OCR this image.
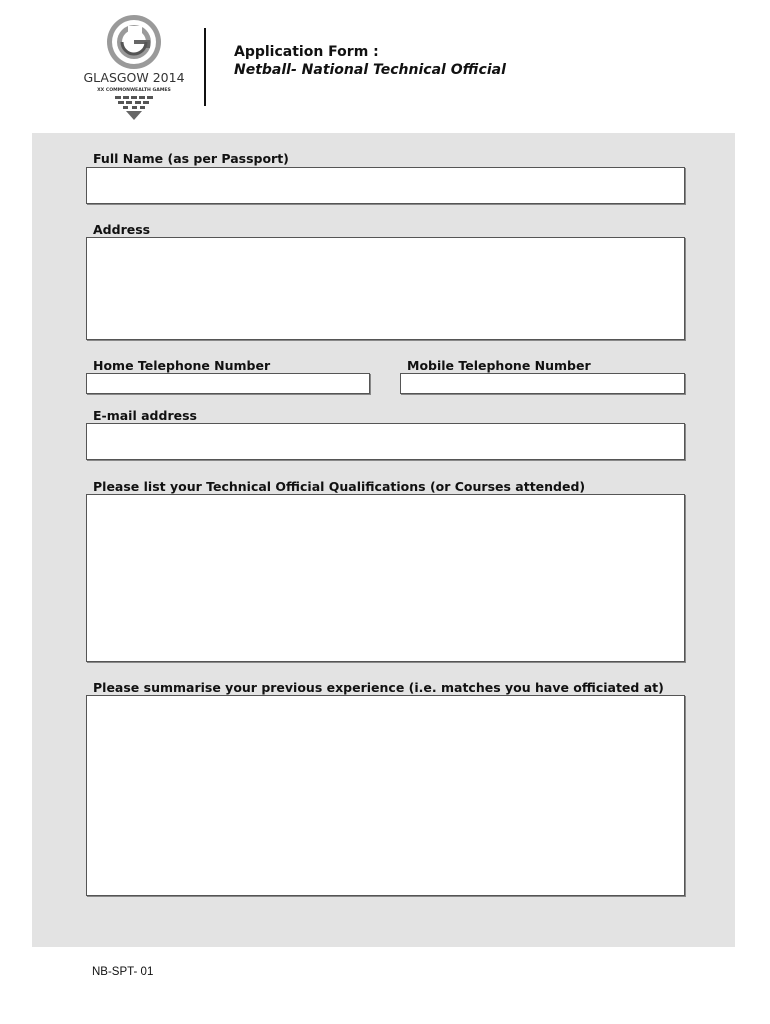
GLASGOW 2014
XX COMMONWEALTH GAMES
Application Form :
Netball- National Technical Official
Full Name (as per Passport)
Address
Home Telephone Number	Mobile Telephone Number
E-mail address
Please list your Technical Official Qualifications (or Courses attended)
Please summarise your previous experience (i.e. matches you have officiated at)
NB-SPT- 01
